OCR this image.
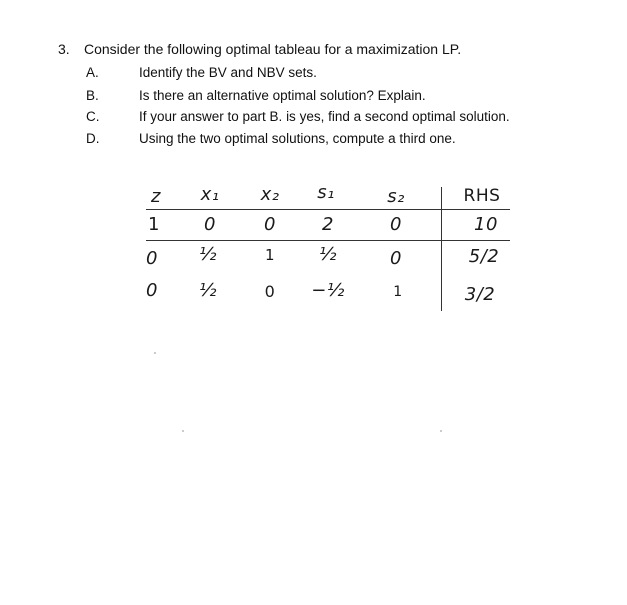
3. Consider the following optimal tableau for a maximization LP.
A.	Identify the BV and NBV sets.
B.	Is there an alternative optimal solution? Explain.
C.	If your answer to part B. is yes, find a second optimal solution.
D.	Using the two optimal solutions, compute a third one.
z x₁ x₂ s₁	s₂	RHS
1 0	0	2	0	10
0 ½	1 ½	0	5/2
0 ½	0 −½	1	3/2
